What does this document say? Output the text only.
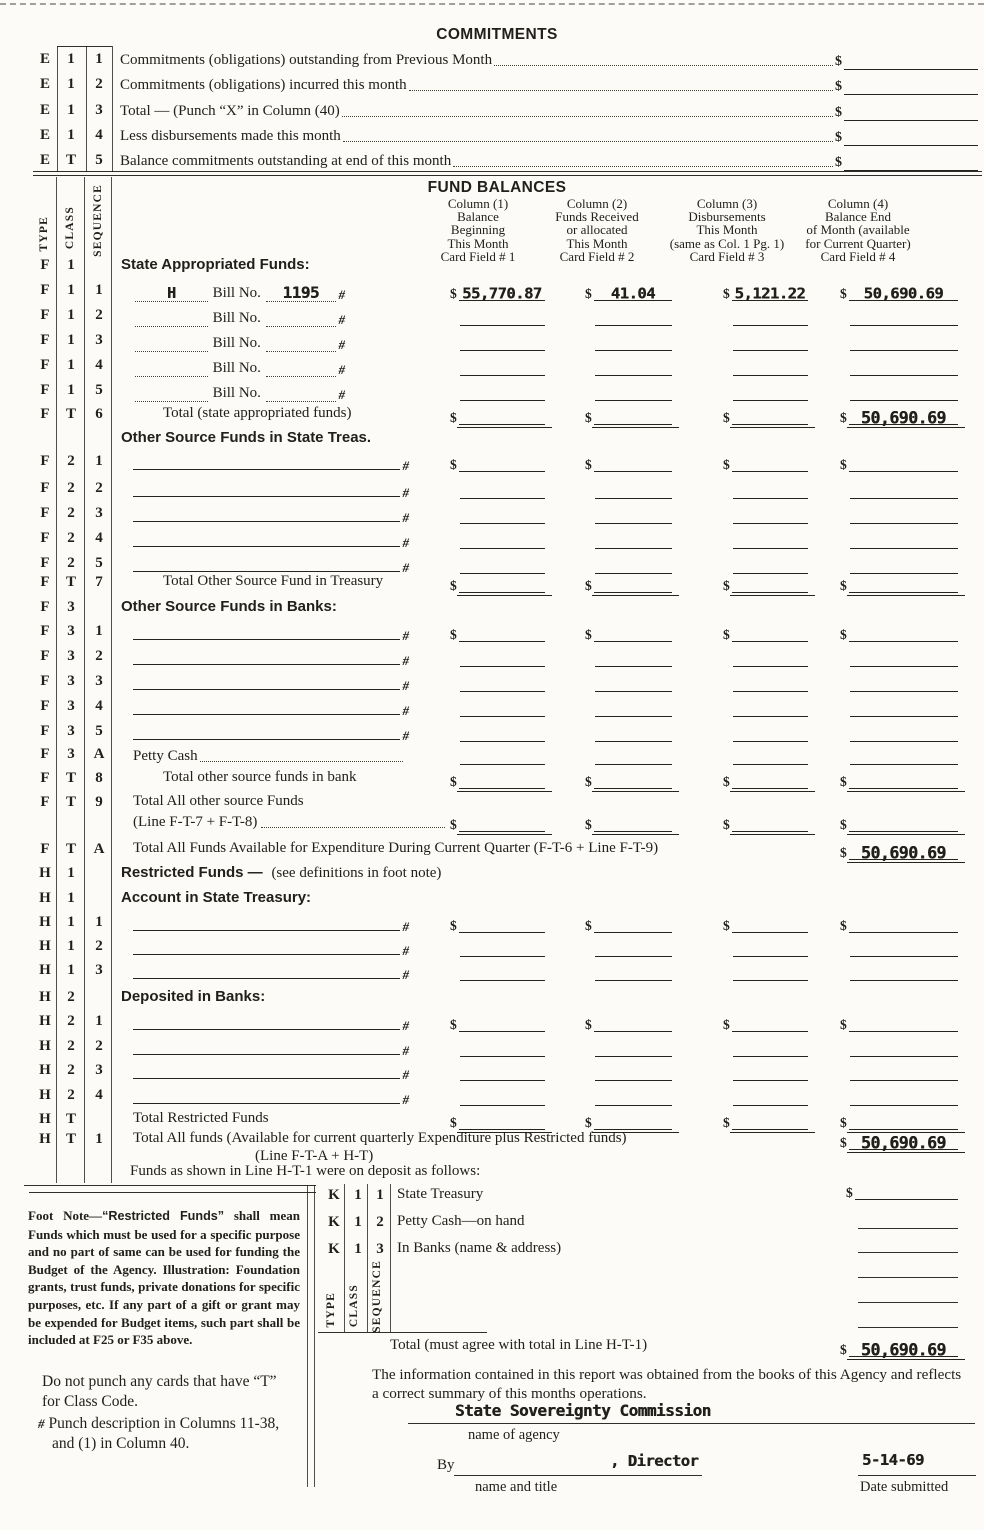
COMMITMENTS
FUND BALANCES
Funds as shown in Line H-T-1 were on deposit as follows:
The information contained in this report was obtained from the books of this Agency and reflects
a correct summary of this months operations.
State Sovereignty Commission
name of agency
By	, Director
name and title
5-14-69
Date submitted
E	1	1	Commitments (obligations) outstanding from Previous Month	$
E	1	2	Commitments (obligations) incurred this month	$
E	1	3	Total — (Punch “X” in Column (40)	$
E	1	4	Less disbursements made this month	$
E	T	5	Balance commitments outstanding at end of this month	$
TYPE CLASS SEQUENCE	Column (1)
Balance
Beginning
This Month
Card Field # 1
Column (2)
Funds Received
or allocated
This Month
Card Field # 2
Column (3)
Disbursements
This Month
(same as Col. 1 Pg. 1)
Card Field # 3
Column (4)
Balance End
of Month (available
for Current Quarter)
Card Field # 4
F	1	State Appropriated Funds:
F	1	1	H Bill No. 1195 #	$ 55,770.87	$ 41.04	$ 5,121.22	$ 50,690.69
F	1	2	Bill No.	#
F	1	3	Bill No.	#
F	1	4	Bill No.	#
F	1	5	Bill No.	#
F	T	6	Total (state appropriated funds)	$	$	$	$ 50,690.69
Other Source Funds in State Treas.
F	2	1	#	$	$	$	$
F	2	2	#
F	2	3	#
F	2	4	#
F	2	5	#
F	T	7	Total Other Source Fund in Treasury	$	$	$	$
F	3	Other Source Funds in Banks:
F	3	1	#	$	$	$	$
F	3	2	#
F	3	3	#
F	3	4	#
F	3	5	#
F	3	A	Petty Cash
F	T	8	Total other source funds in bank	$	$	$	$
F	T	9	Total All other source Funds
(Line F-T-7 + F-T-8)	$	$	$	$
F	T	A	Total All Funds Available for Expenditure During Current Quarter (F-T-6 + Line F-T-9)	$ 50,690.69
H	1	Restricted Funds — (see definitions in foot note)
H	1	Account in State Treasury:
H	1	1	#	$	$	$	$
H	1	2	#
H	1	3	#
H	2	Deposited in Banks:
H	2	1	#	$	$	$	$
H	2	2	#
H	2	3	#
H	2	4	#
H	T	Total Restricted Funds	$	$	$	$
H	T	1	Total All funds (Available for current quarterly Expenditure plus Restricted funds)
(Line F-T-A + H-T)
$ 50,690.69
TYPE CLASS SEQUENCE
K 1 1 State Treasury
K 1 2 Petty Cash—on hand
K 1 3 In Banks (name & address)
$
Total (must agree with total in Line H-T-1)	$ 50,690.69
Foot Note—“Restricted Funds” shall mean Funds which must be used for a specific purpose and no part of same can be used for funding the Budget of the Agency. Illustration: Foundation grants, trust funds, private donations for specific purposes, etc. If any part of a gift or grant may be expended for Budget items, such part shall be included at F25 or F35 above.
Do not punch any cards that have “T” for Class Code.
# Punch description in Columns 11-38, and (1) in Column 40.
